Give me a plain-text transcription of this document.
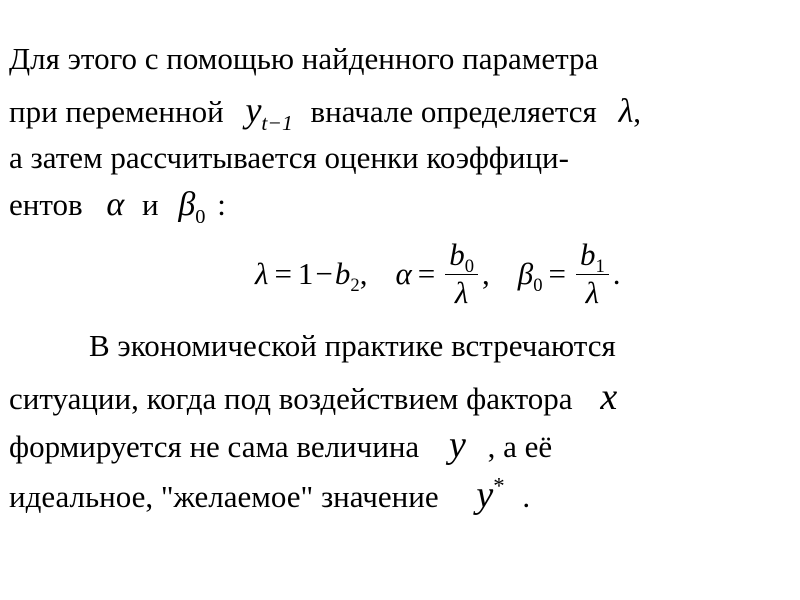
Для этого с помощью найденного параметра
при переменной $y_{t-1}$ вначале определяется λ,
а затем рассчитывается оценки коэффици-
ентов α и $\beta_0$ :
$\lambda = 1 - b_2$ , $\alpha = \frac{b_0}{\lambda}$ , $\beta_0 = \frac{b_1}{\lambda}$ .
В экономической практике встречаются
ситуации, когда под воздействием фактора x
формируется не сама величина y , а её
идеальное, "желаемое" значение y* .
